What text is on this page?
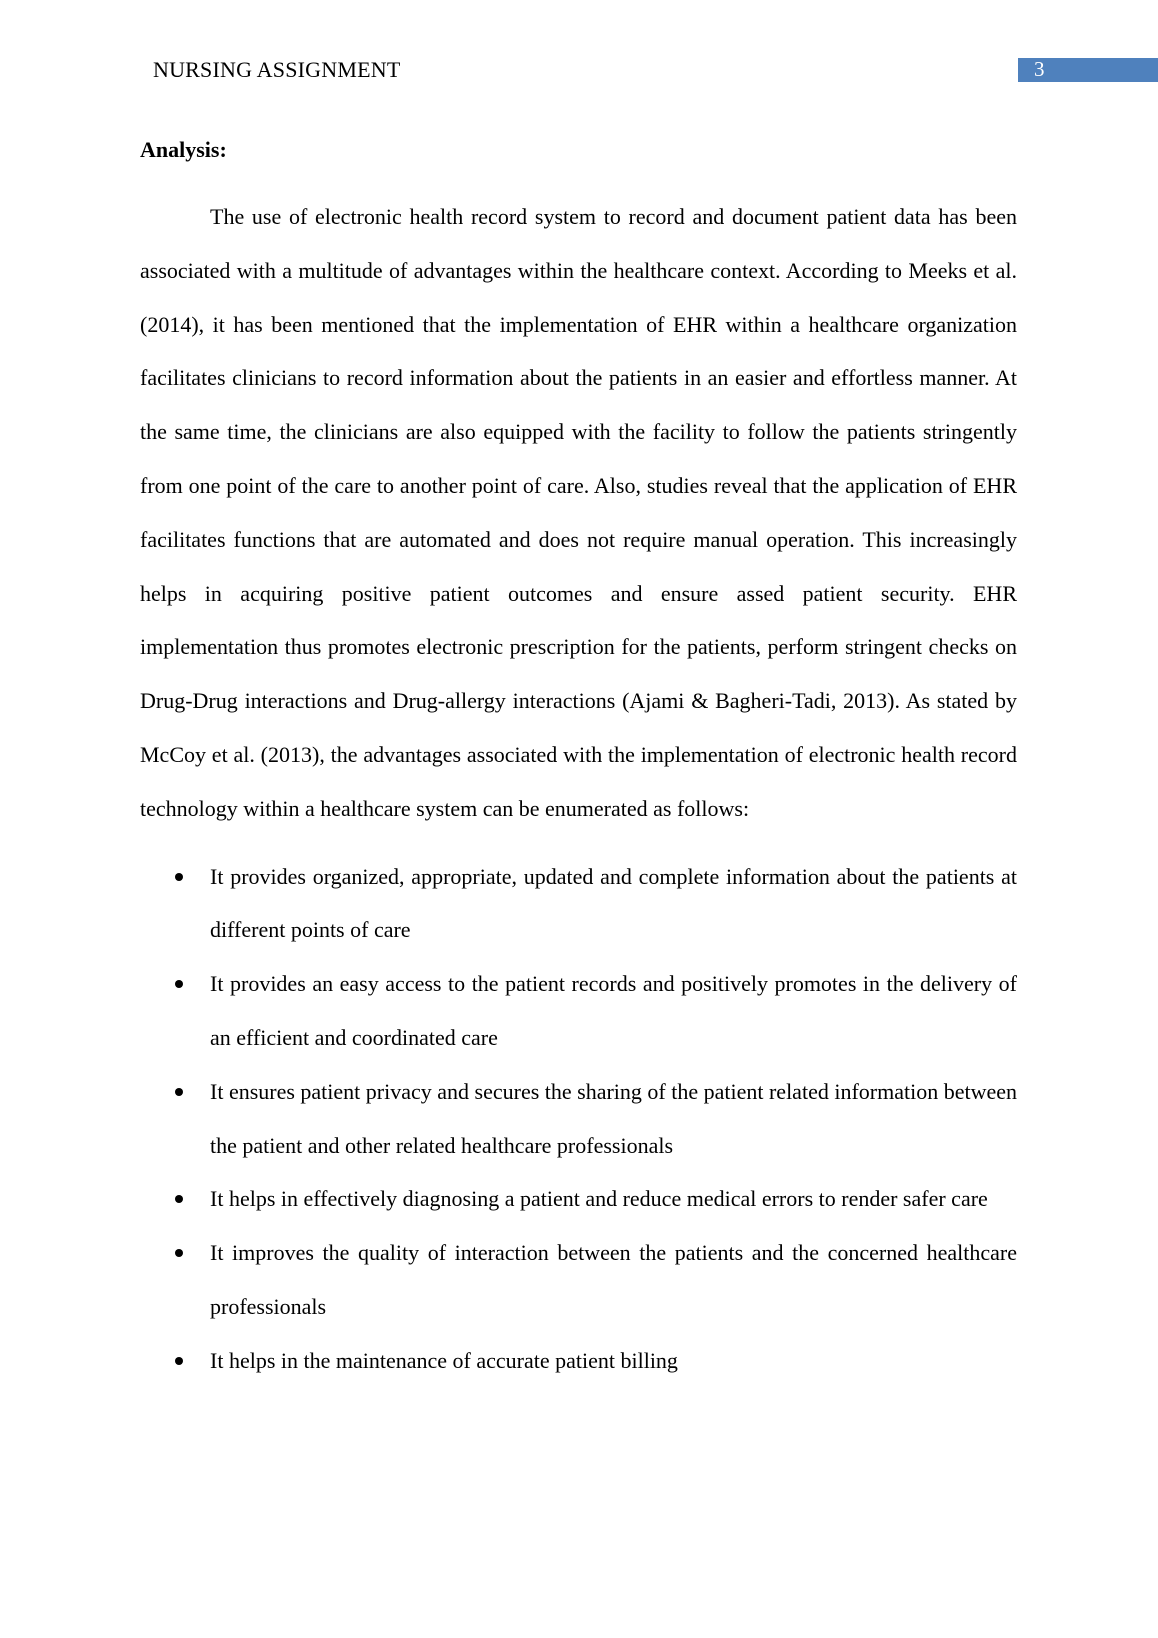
NURSING ASSIGNMENT	3
Analysis:

The use of electronic health record system to record and document patient data has been associated with a multitude of advantages within the healthcare context. According to Meeks et al. (2014), it has been mentioned that the implementation of EHR within a healthcare organization facilitates clinicians to record information about the patients in an easier and effortless manner. At the same time, the clinicians are also equipped with the facility to follow the patients stringently from one point of the care to another point of care. Also, studies reveal that the application of EHR facilitates functions that are automated and does not require manual operation. This increasingly helps in acquiring positive patient outcomes and ensure assed patient security. EHR implementation thus promotes electronic prescription for the patients, perform stringent checks on Drug-Drug interactions and Drug-allergy interactions (Ajami & Bagheri-Tadi, 2013). As stated by McCoy et al. (2013), the advantages associated with the implementation of electronic health record technology within a healthcare system can be enumerated as follows:

It provides organized, appropriate, updated and complete information about the patients at different points of care
It provides an easy access to the patient records and positively promotes in the delivery of an efficient and coordinated care
It ensures patient privacy and secures the sharing of the patient related information between the patient and other related healthcare professionals
It helps in effectively diagnosing a patient and reduce medical errors to render safer care
It improves the quality of interaction between the patients and the concerned healthcare professionals
It helps in the maintenance of accurate patient billing
